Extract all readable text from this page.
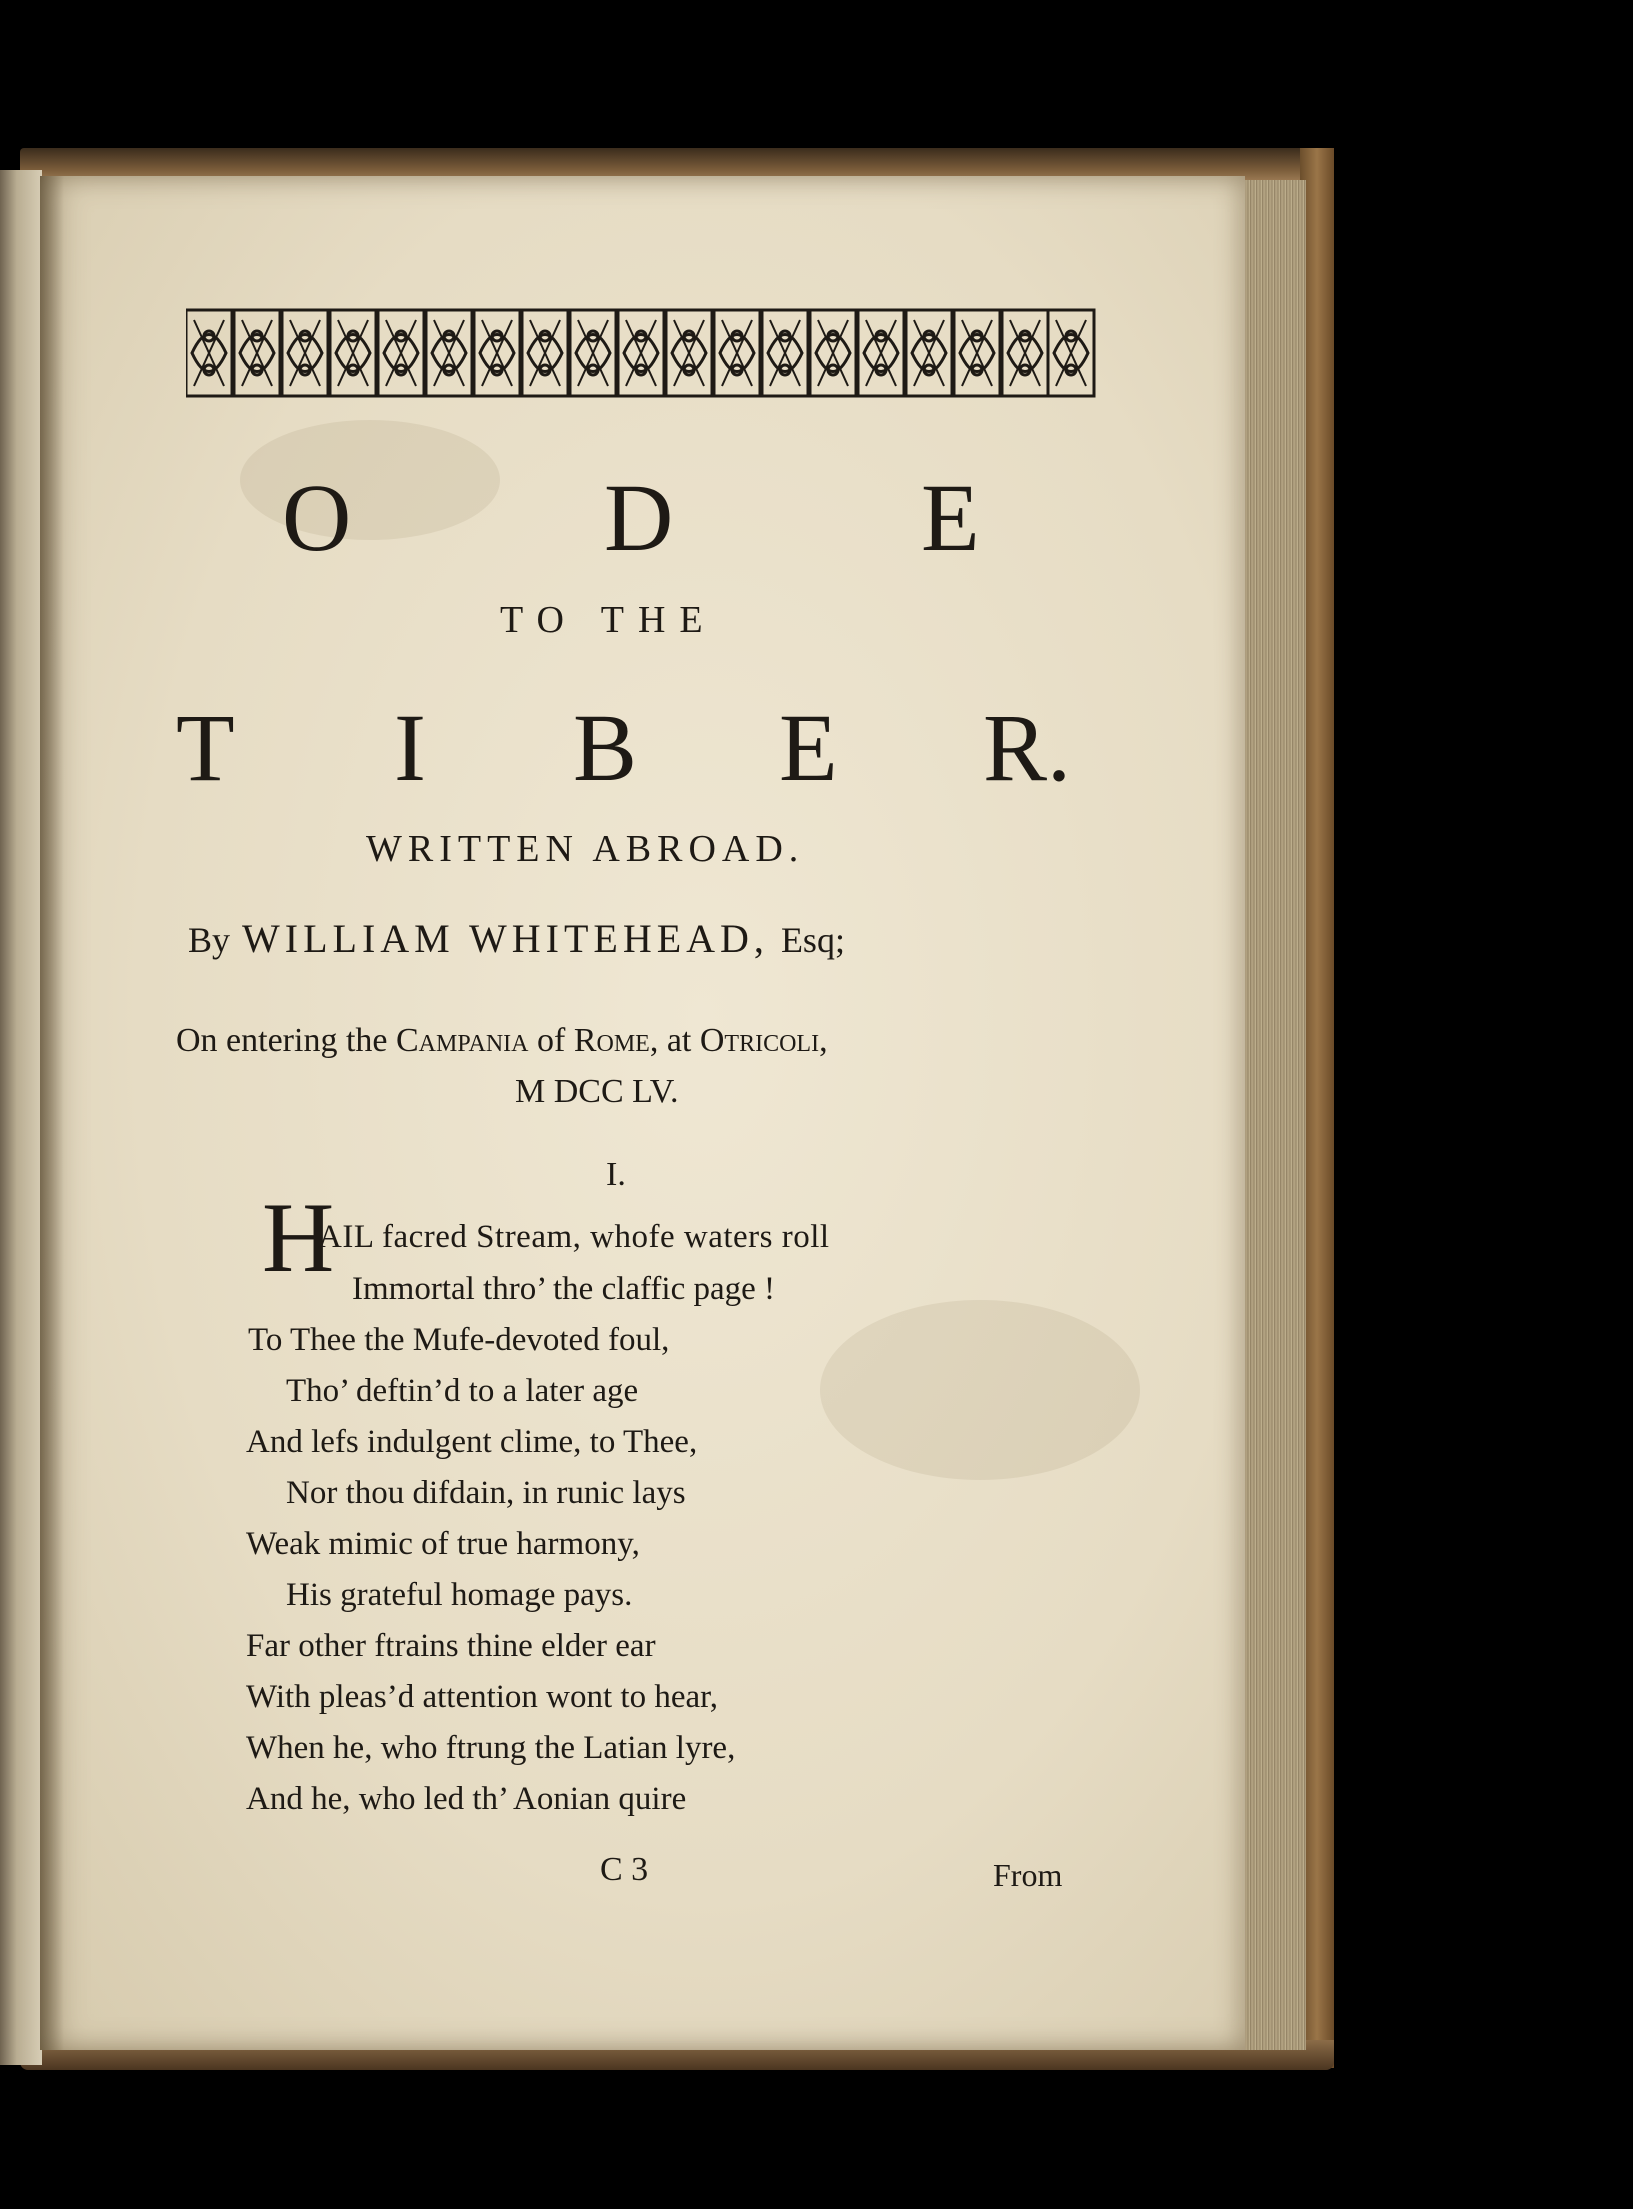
O	D	E
TO THE
T I B E R.
WRITTEN ABROAD.
By WILLIAM WHITEHEAD, Esq;
On entering the Campania of Rome, at Otricoli,
M DCC LV.
I.
H
AIL facred Stream, whofe waters roll
Immortal thro’ the claffic page !
To Thee the Mufe-devoted foul,
Tho’ deftin’d to a later age
And lefs indulgent clime, to Thee,
Nor thou difdain, in runic lays
Weak mimic of true harmony,
His grateful homage pays.
Far other ftrains thine elder ear
With pleas’d attention wont to hear,
When he, who ftrung the Latian lyre,
And he, who led th’ Aonian quire
C 3	From
